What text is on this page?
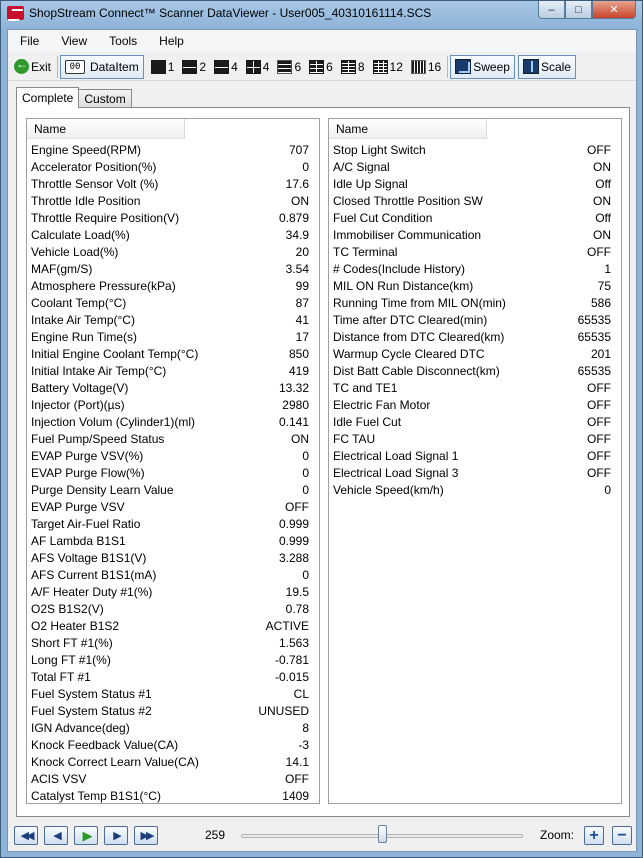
ShopStream Connect™ Scanner DataViewer - User005_40310161114.SCS	–	□	✕
File	View	Tools	Help
←
Exit	00 DataItem 1 2 4 4 6 6 8 12 16	Sweep	Scale
Complete Custom
Name
Engine Speed(RPM)	707
Accelerator Position(%)	0
Throttle Sensor Volt (%)	17.6
Throttle Idle Position	ON
Throttle Require Position(V)	0.879
Calculate Load(%)	34.9
Vehicle Load(%)	20
MAF(gm/S)	3.54
Atmosphere Pressure(kPa)	99
Coolant Temp(°C)	87
Intake Air Temp(°C)	41
Engine Run Time(s)	17
Initial Engine Coolant Temp(°C)	850
Initial Intake Air Temp(°C)	419
Battery Voltage(V)	13.32
Injector (Port)(µs)	2980
Injection Volum (Cylinder1)(ml)	0.141
Fuel Pump/Speed Status	ON
EVAP Purge VSV(%)	0
EVAP Purge Flow(%)	0
Purge Density Learn Value	0
EVAP Purge VSV	OFF
Target Air-Fuel Ratio	0.999
AF Lambda B1S1	0.999
AFS Voltage B1S1(V)	3.288
AFS Current B1S1(mA)	0
A/F Heater Duty #1(%)	19.5
O2S B1S2(V)	0.78
O2 Heater B1S2	ACTIVE
Short FT #1(%)	1.563
Long FT #1(%)	-0.781
Total FT #1	-0.015
Fuel System Status #1	CL
Fuel System Status #2	UNUSED
IGN Advance(deg)	8
Knock Feedback Value(CA)	-3
Knock Correct Learn Value(CA)	14.1
ACIS VSV	OFF
Catalyst Temp B1S1(°C)	1409
Name
Stop Light Switch	OFF
A/C Signal	ON
Idle Up Signal	Off
Closed Throttle Position SW	ON
Fuel Cut Condition	Off
Immobiliser Communication	ON
TC Terminal	OFF
# Codes(Include History)	1
MIL ON Run Distance(km)	75
Running Time from MIL ON(min)	586
Time after DTC Cleared(min)	65535
Distance from DTC Cleared(km)	65535
Warmup Cycle Cleared DTC	201
Dist Batt Cable Disconnect(km)	65535
TC and TE1	OFF
Electric Fan Motor	OFF
Idle Fuel Cut	OFF
FC TAU	OFF
Electrical Load Signal 1	OFF
Electrical Load Signal 3	OFF
Vehicle Speed(km/h)	0
◀◀	◀	▶	▶	▶▶	259	Zoom: +	−
